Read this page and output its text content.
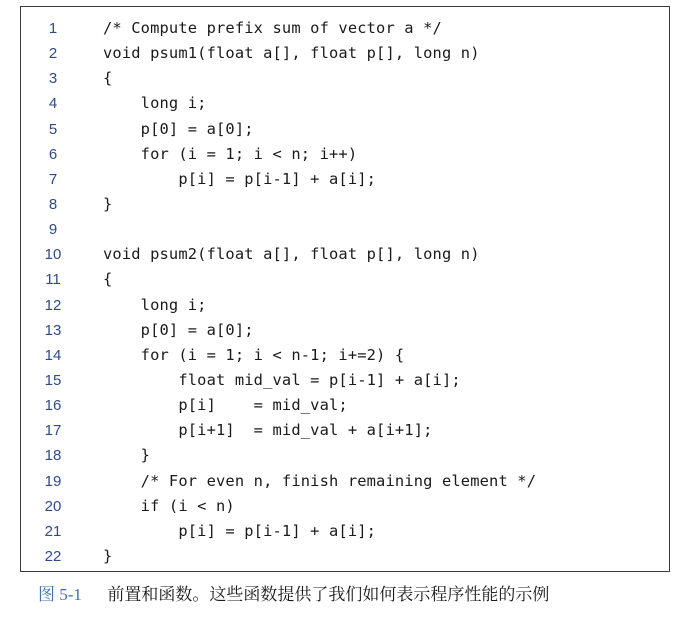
1	/* Compute prefix sum of vector a */
2	void psum1(float a[], float p[], long n)
3	{
4	long i;
5	p[0] = a[0];
6	for (i = 1; i < n; i++)
7	p[i] = p[i-1] + a[i];
8	}
9
10	void psum2(float a[], float p[], long n)
11	{
12	long i;
13	p[0] = a[0];
14	for (i = 1; i < n-1; i+=2) {
15	float mid_val = p[i-1] + a[i];
16	p[i]    = mid_val;
17	p[i+1]  = mid_val + a[i+1];
18	}
19	/* For even n, finish remaining element */
20	if (i < n)
21	p[i] = p[i-1] + a[i];
22	}
图 5-1 前置和函数。这些函数提供了我们如何表示程序性能的示例
